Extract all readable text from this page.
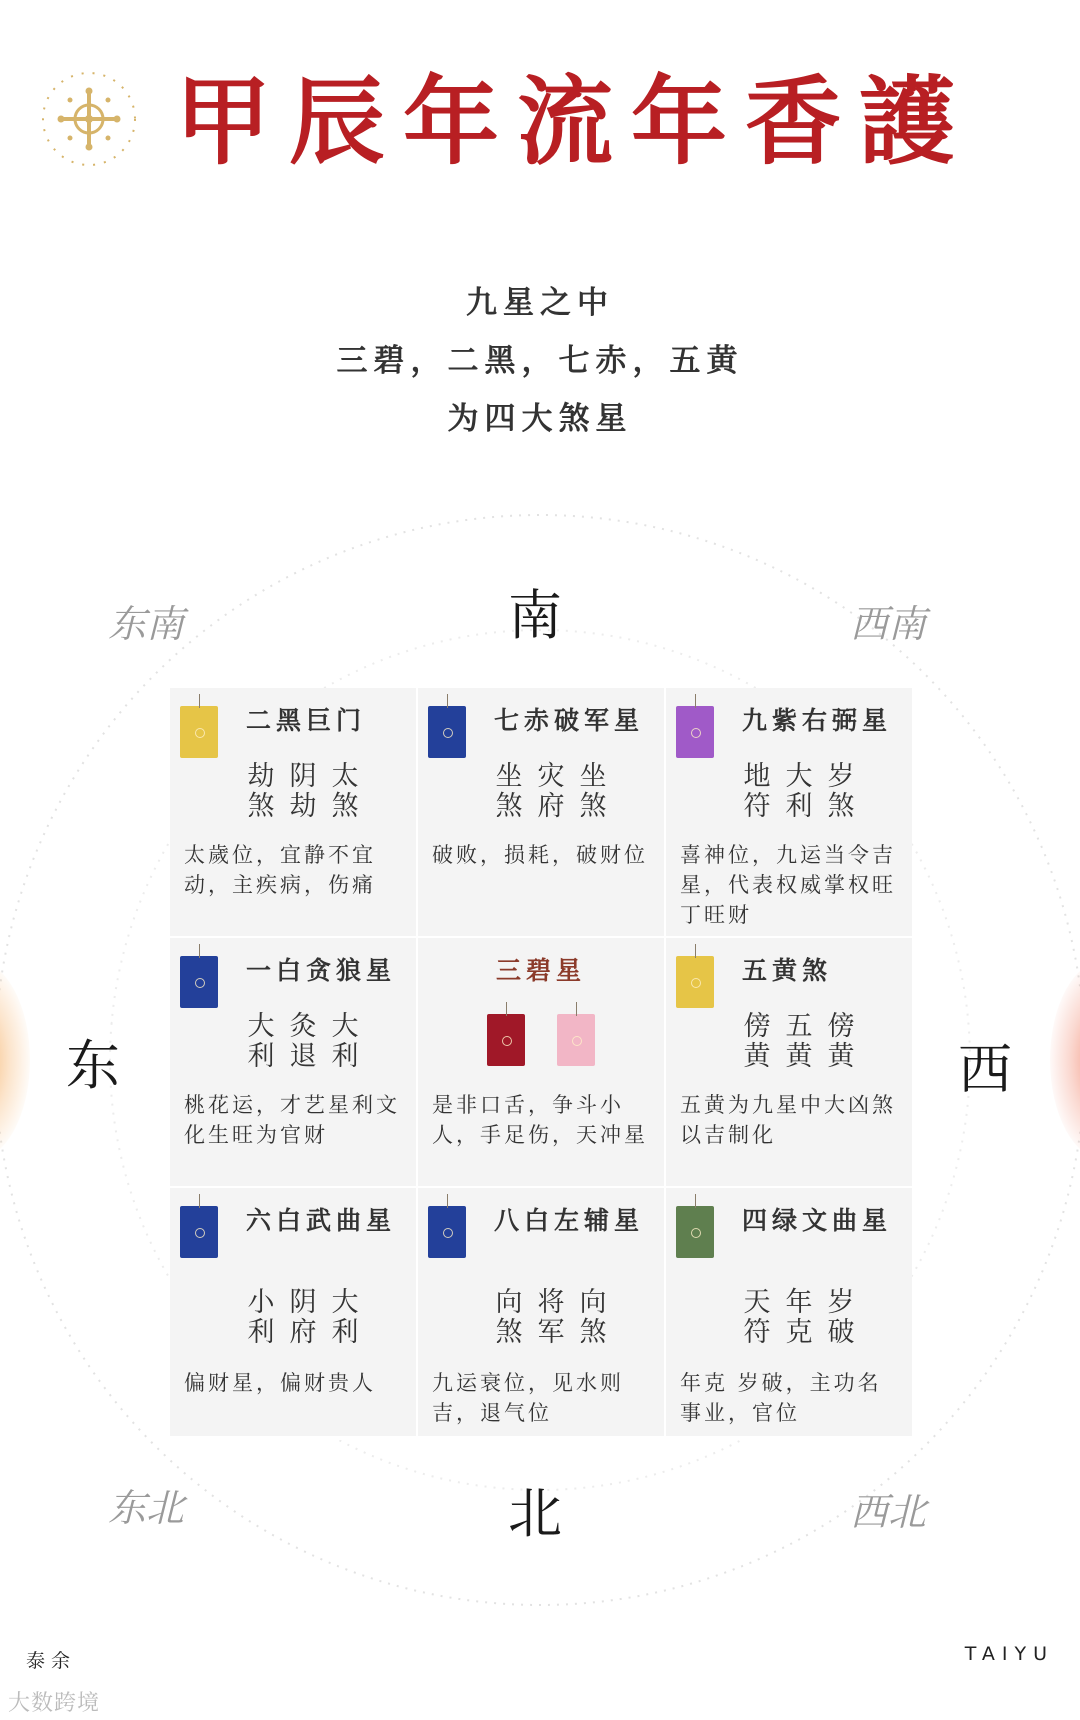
甲辰年流年香護

九星之中

三碧，二黑，七赤，五黄

为四大煞星

南
北
东	西
东南	西南
东北	西北
二黑巨门
劫 阴 太
煞 劫 煞
太歲位，宜静不宜动，主疾病，伤痛
七赤破军星
坐 灾 坐
煞 府 煞
破败，损耗，破财位
九紫右弼星
地 大 岁
符 利 煞
喜神位，九运当令吉星，代表权威掌权旺丁旺财
一白贪狼星
大 灸 大
利 退 利
桃花运，才艺星利文化生旺为官财
三碧星
是非口舌，争斗小人，手足伤，天冲星
五黄煞
傍 五 傍
黄 黄 黄
五黄为九星中大凶煞以吉制化
六白武曲星
小 阴 大
利 府 利
偏财星，偏财贵人
八白左辅星
向 将 向
煞 军 煞
九运衰位，见水则吉，退气位
四绿文曲星
天 年 岁
符 克 破
年克 岁破，主功名事业，官位
泰余	TAIYU
大数跨境
